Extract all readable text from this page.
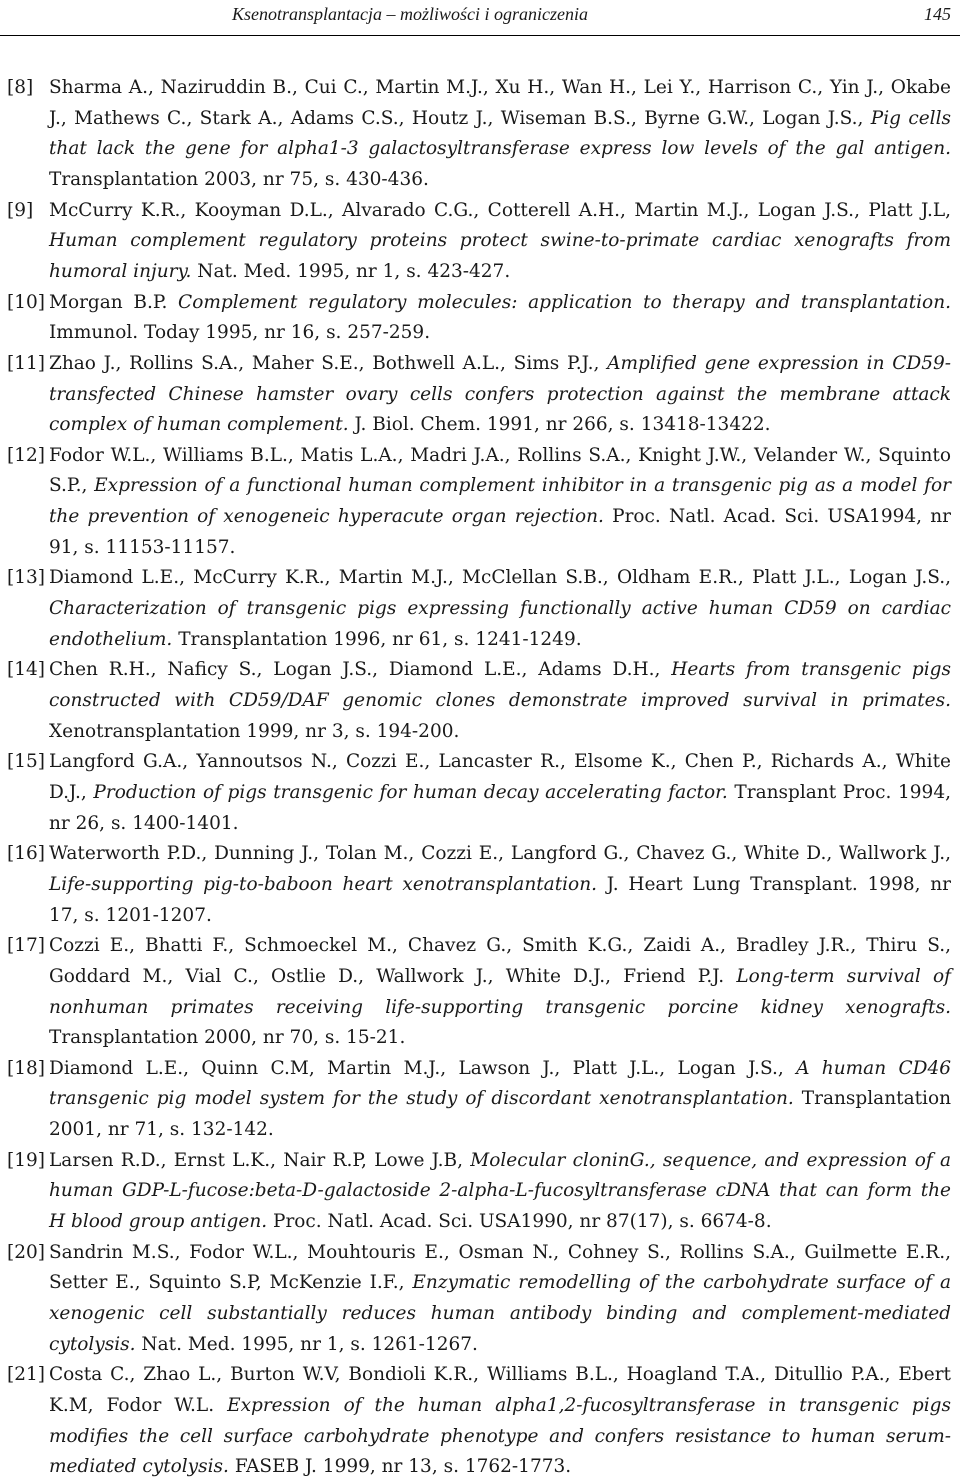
Ksenotransplantacja – możliwości i ograniczenia	145
[8] Sharma A., Naziruddin B., Cui C., Martin M.J., Xu H., Wan H., Lei Y., Harrison C., Yin J., Okabe J., Mathews C., Stark A., Adams C.S., Houtz J., Wiseman B.S., Byrne G.W., Logan J.S., Pig cells that lack the gene for alpha1-3 galactosyltransferase express low levels of the gal antigen. Transplantation 2003, nr 75, s. 430-436.
[9] McCurry K.R., Kooyman D.L., Alvarado C.G., Cotterell A.H., Martin M.J., Logan J.S., Platt J.L, Human complement regulatory proteins protect swine-to-primate cardiac xenografts from humoral injury. Nat. Med. 1995, nr 1, s. 423-427.
[10] Morgan B.P. Complement regulatory molecules: application to therapy and transplantation. Immunol. Today 1995, nr 16, s. 257-259.
[11] Zhao J., Rollins S.A., Maher S.E., Bothwell A.L., Sims P.J., Amplified gene expression in CD59-transfected Chinese hamster ovary cells confers protection against the membrane attack complex of human complement. J. Biol. Chem. 1991, nr 266, s. 13418-13422.
[12] Fodor W.L., Williams B.L., Matis L.A., Madri J.A., Rollins S.A., Knight J.W., Velander W., Squinto S.P., Expression of a functional human complement inhibitor in a transgenic pig as a model for the prevention of xenogeneic hyperacute organ rejection. Proc. Natl. Acad. Sci. USA1994, nr 91, s. 11153-11157.
[13] Diamond L.E., McCurry K.R., Martin M.J., McClellan S.B., Oldham E.R., Platt J.L., Logan J.S., Characterization of transgenic pigs expressing functionally active human CD59 on cardiac endothelium. Transplantation 1996, nr 61, s. 1241-1249.
[14] Chen R.H., Naficy S., Logan J.S., Diamond L.E., Adams D.H., Hearts from transgenic pigs constructed with CD59/DAF genomic clones demonstrate improved survival in primates. Xenotransplantation 1999, nr 3, s. 194-200.
[15] Langford G.A., Yannoutsos N., Cozzi E., Lancaster R., Elsome K., Chen P., Richards A., White D.J., Production of pigs transgenic for human decay accelerating factor. Transplant Proc. 1994, nr 26, s. 1400-1401.
[16] Waterworth P.D., Dunning J., Tolan M., Cozzi E., Langford G., Chavez G., White D., Wallwork J., Life-supporting pig-to-baboon heart xenotransplantation. J. Heart Lung Transplant. 1998, nr 17, s. 1201-1207.
[17] Cozzi E., Bhatti F., Schmoeckel M., Chavez G., Smith K.G., Zaidi A., Bradley J.R., Thiru S., Goddard M., Vial C., Ostlie D., Wallwork J., White D.J., Friend P.J. Long-term survival of nonhuman primates receiving life-supporting transgenic porcine kidney xenografts. Transplantation 2000, nr 70, s. 15-21.
[18] Diamond L.E., Quinn C.M, Martin M.J., Lawson J., Platt J.L., Logan J.S., A human CD46 transgenic pig model system for the study of discordant xenotransplantation. Transplantation 2001, nr 71, s. 132-142.
[19] Larsen R.D., Ernst L.K., Nair R.P, Lowe J.B, Molecular cloninG., sequence, and expression of a human GDP-L-fucose:beta-D-galactoside 2-alpha-L-fucosyltransferase cDNA that can form the H blood group antigen. Proc. Natl. Acad. Sci. USA1990, nr 87(17), s. 6674-8.
[20] Sandrin M.S., Fodor W.L., Mouhtouris E., Osman N., Cohney S., Rollins S.A., Guilmette E.R., Setter E., Squinto S.P, McKenzie I.F., Enzymatic remodelling of the carbohydrate surface of a xenogenic cell substantially reduces human antibody binding and complement-mediated cytolysis. Nat. Med. 1995, nr 1, s. 1261-1267.
[21] Costa C., Zhao L., Burton W.V, Bondioli K.R., Williams B.L., Hoagland T.A., Ditullio P.A., Ebert K.M, Fodor W.L. Expression of the human alpha1,2-fucosyltransferase in transgenic pigs modifies the cell surface carbohydrate phenotype and confers resistance to human serum-mediated cytolysis. FASEB J. 1999, nr 13, s. 1762-1773.
